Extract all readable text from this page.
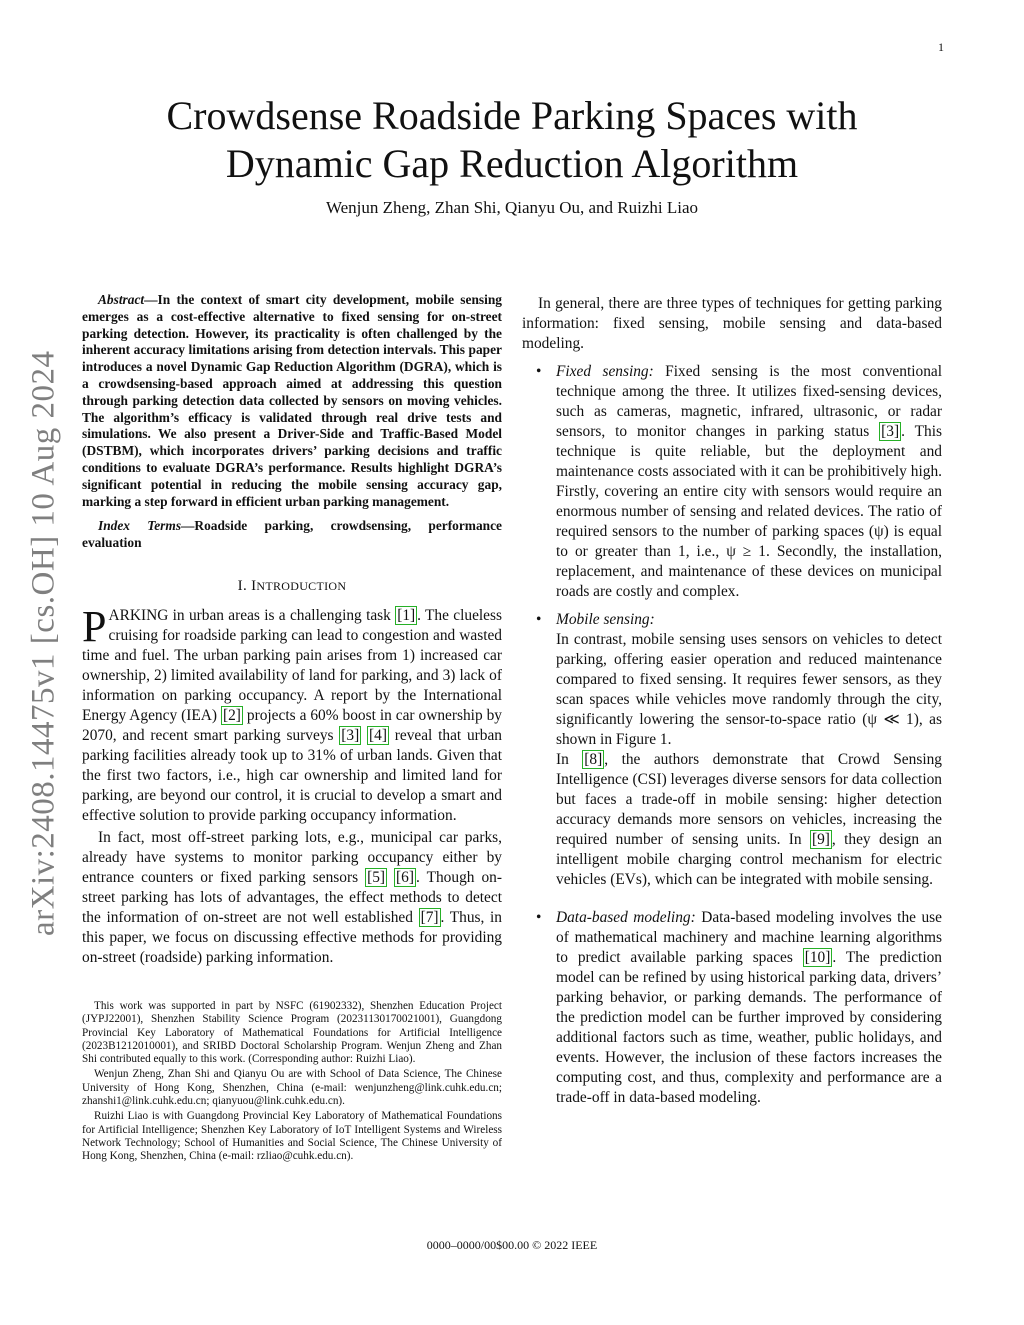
1
arXiv:2408.14475v1 [cs.OH] 10 Aug 2024
Crowdsense Roadside Parking Spaces with Dynamic Gap Reduction Algorithm
Wenjun Zheng, Zhan Shi, Qianyu Ou, and Ruizhi Liao

Abstract—In the context of smart city development, mobile sensing emerges as a cost-effective alternative to fixed sensing for on-street parking detection. However, its practicality is often challenged by the inherent accuracy limitations arising from detection intervals. This paper introduces a novel Dynamic Gap Reduction Algorithm (DGRA), which is a crowdsensing-based approach aimed at addressing this question through parking detection data collected by sensors on moving vehicles. The algorithm’s efficacy is validated through real drive tests and simulations. We also present a Driver-Side and Traffic-Based Model (DSTBM), which incorporates drivers’ parking decisions and traffic conditions to evaluate DGRA’s performance. Results highlight DGRA’s significant potential in reducing the mobile sensing accuracy gap, marking a step forward in efficient urban parking management.

Index Terms—Roadside parking, crowdsensing, performance evaluation

I. INTRODUCTION

PARKING in urban areas is a challenging task [1] . The clueless cruising for roadside parking can lead to congestion and wasted time and fuel. The urban parking pain arises from 1) increased car ownership, 2) limited availability of land for parking, and 3) lack of information on parking occupancy. A report by the International Energy Agency (IEA) [2] projects a 60% boost in car ownership by 2070, and recent smart parking surveys [3] [4] reveal that urban parking facilities already took up to 31% of urban lands. Given that the first two factors, i.e., high car ownership and limited land for parking, are beyond our control, it is crucial to develop a smart and effective solution to provide parking occupancy information.

In fact, most off-street parking lots, e.g., municipal car parks, already have systems to monitor parking occupancy either by entrance counters or fixed parking sensors [5] [6] . Though on-street parking has lots of advantages, the effect methods to detect the information of on-street are not well established [7] . Thus, in this paper, we focus on discussing effective methods for providing on-street (roadside) parking information.

This work was supported in part by NSFC (61902332), Shenzhen Education Project (JYPJ22001), Shenzhen Stability Science Program (20231130170021001), Guangdong Provincial Key Laboratory of Mathematical Foundations for Artificial Intelligence (2023B1212010001), and SRIBD Doctoral Scholarship Program. Wenjun Zheng and Zhan Shi contributed equally to this work. (Corresponding author: Ruizhi Liao).

Wenjun Zheng, Zhan Shi and Qianyu Ou are with School of Data Science, The Chinese University of Hong Kong, Shenzhen, China (e-mail: wenjunzheng@link.cuhk.edu.cn; zhanshi1@link.cuhk.edu.cn; qianyuou@link.cuhk.edu.cn).

Ruizhi Liao is with Guangdong Provincial Key Laboratory of Mathematical Foundations for Artificial Intelligence; Shenzhen Key Laboratory of IoT Intelligent Systems and Wireless Network Technology; School of Humanities and Social Science, The Chinese University of Hong Kong, Shenzhen, China (e-mail: rzliao@cuhk.edu.cn).

In general, there are three types of techniques for getting parking information: fixed sensing, mobile sensing and data-based modeling.

• Fixed sensing: Fixed sensing is the most conventional technique among the three. It utilizes fixed-sensing devices, such as cameras, magnetic, infrared, ultrasonic, or radar sensors, to monitor changes in parking status [3] . This technique is quite reliable, but the deployment and maintenance costs associated with it can be prohibitively high. Firstly, covering an entire city with sensors would require an enormous number of sensing and related devices. The ratio of required sensors to the number of parking spaces (ψ) is equal to or greater than 1, i.e., ψ ≥ 1. Secondly, the installation, replacement, and maintenance of these devices on municipal roads are costly and complex.

• Mobile sensing:

In contrast, mobile sensing uses sensors on vehicles to detect parking, offering easier operation and reduced maintenance compared to fixed sensing. It requires fewer sensors, as they scan spaces while vehicles move randomly through the city, significantly lowering the sensor-to-space ratio (ψ ≪ 1), as shown in Figure 1.

In [8] , the authors demonstrate that Crowd Sensing Intelligence (CSI) leverages diverse sensors for data collection but faces a trade-off in mobile sensing: higher detection accuracy demands more sensors on vehicles, increasing the required number of sensing units. In [9] , they design an intelligent mobile charging control mechanism for electric vehicles (EVs), which can be integrated with mobile sensing.

• Data-based modeling: Data-based modeling involves the use of mathematical machinery and machine learning algorithms to predict available parking spaces [10] . The prediction model can be refined by using historical parking data, drivers’ parking behavior, or parking demands. The performance of the prediction model can be further improved by considering additional factors such as time, weather, public holidays, and events. However, the inclusion of these factors increases the computing cost, and thus, complexity and performance are a trade-off in data-based modeling.
0000–0000/00$00.00 © 2022 IEEE
